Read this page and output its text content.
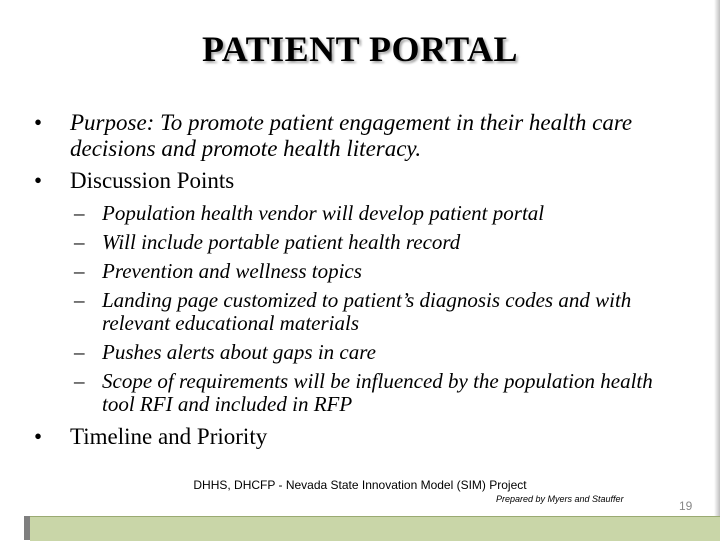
PATIENT PORTAL
• Purpose: To promote patient engagement in their health care decisions and promote health literacy.
• Discussion Points
– Population health vendor will develop patient portal
– Will include portable patient health record
– Prevention and wellness topics
– Landing page customized to patient’s diagnosis codes and with relevant educational materials
– Pushes alerts about gaps in care
– Scope of requirements will be influenced by the population health tool RFI and included in RFP
• Timeline and Priority
DHHS, DHCFP - Nevada State Innovation Model (SIM) Project
Prepared by Myers and Stauffer	19
